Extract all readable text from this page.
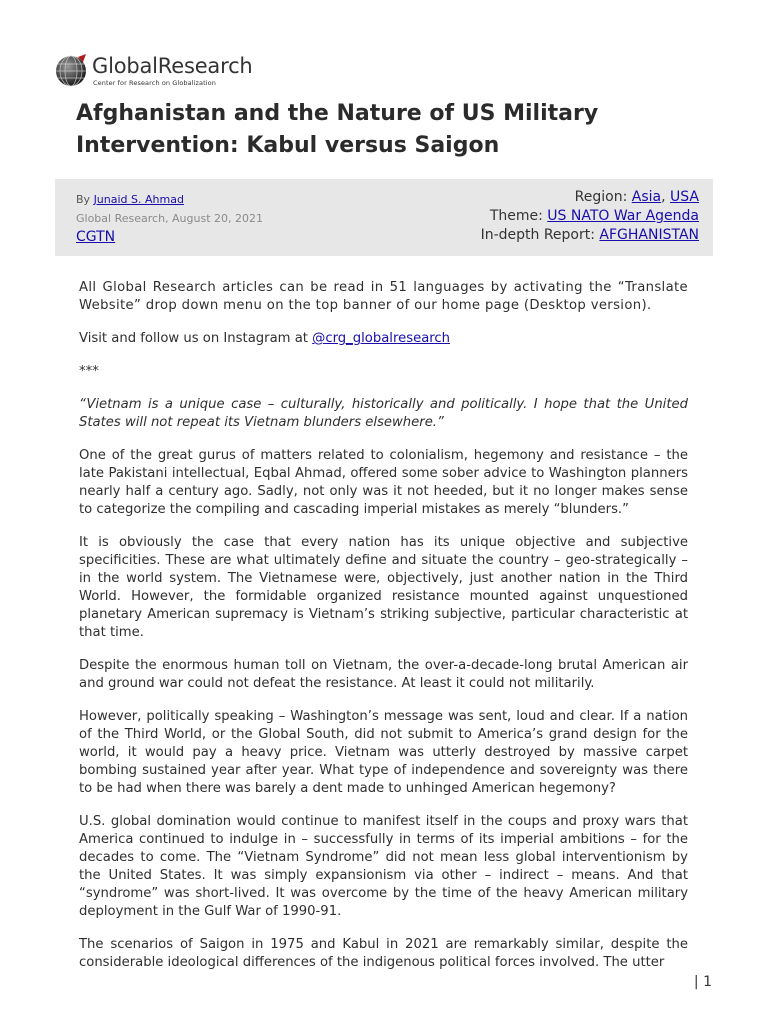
GlobalResearch
Center for Research on Globalization
Afghanistan and the Nature of US Military Intervention: Kabul versus Saigon
By Junaid S. Ahmad
Global Research, August 20, 2021
CGTN
Region: Asia, USA
Theme: US NATO War Agenda
In-depth Report: AFGHANISTAN

All Global Research articles can be read in 51 languages by activating the “Translate Website” drop down menu on the top banner of our home page (Desktop version).

Visit and follow us on Instagram at @crg_globalresearch

***

“Vietnam is a unique case – culturally, historically and politically. I hope that the United States will not repeat its Vietnam blunders elsewhere.”

One of the great gurus of matters related to colonialism, hegemony and resistance – the late Pakistani intellectual, Eqbal Ahmad, offered some sober advice to Washington planners nearly half a century ago. Sadly, not only was it not heeded, but it no longer makes sense to categorize the compiling and cascading imperial mistakes as merely “blunders.”

It is obviously the case that every nation has its unique objective and subjective specificities. These are what ultimately define and situate the country – geo-strategically – in the world system. The Vietnamese were, objectively, just another nation in the Third World. However, the formidable organized resistance mounted against unquestioned planetary American supremacy is Vietnam’s striking subjective, particular characteristic at that time.

Despite the enormous human toll on Vietnam, the over-a-decade-long brutal American air and ground war could not defeat the resistance. At least it could not militarily.

However, politically speaking – Washington’s message was sent, loud and clear. If a nation of the Third World, or the Global South, did not submit to America’s grand design for the world, it would pay a heavy price. Vietnam was utterly destroyed by massive carpet bombing sustained year after year. What type of independence and sovereignty was there to be had when there was barely a dent made to unhinged American hegemony?

U.S. global domination would continue to manifest itself in the coups and proxy wars that America continued to indulge in – successfully in terms of its imperial ambitions – for the decades to come. The “Vietnam Syndrome” did not mean less global interventionism by the United States. It was simply expansionism via other – indirect – means. And that “syndrome” was short-lived. It was overcome by the time of the heavy American military deployment in the Gulf War of 1990-91.

The scenarios of Saigon in 1975 and Kabul in 2021 are remarkably similar, despite the considerable ideological differences of the indigenous political forces involved. The utter

| 1
